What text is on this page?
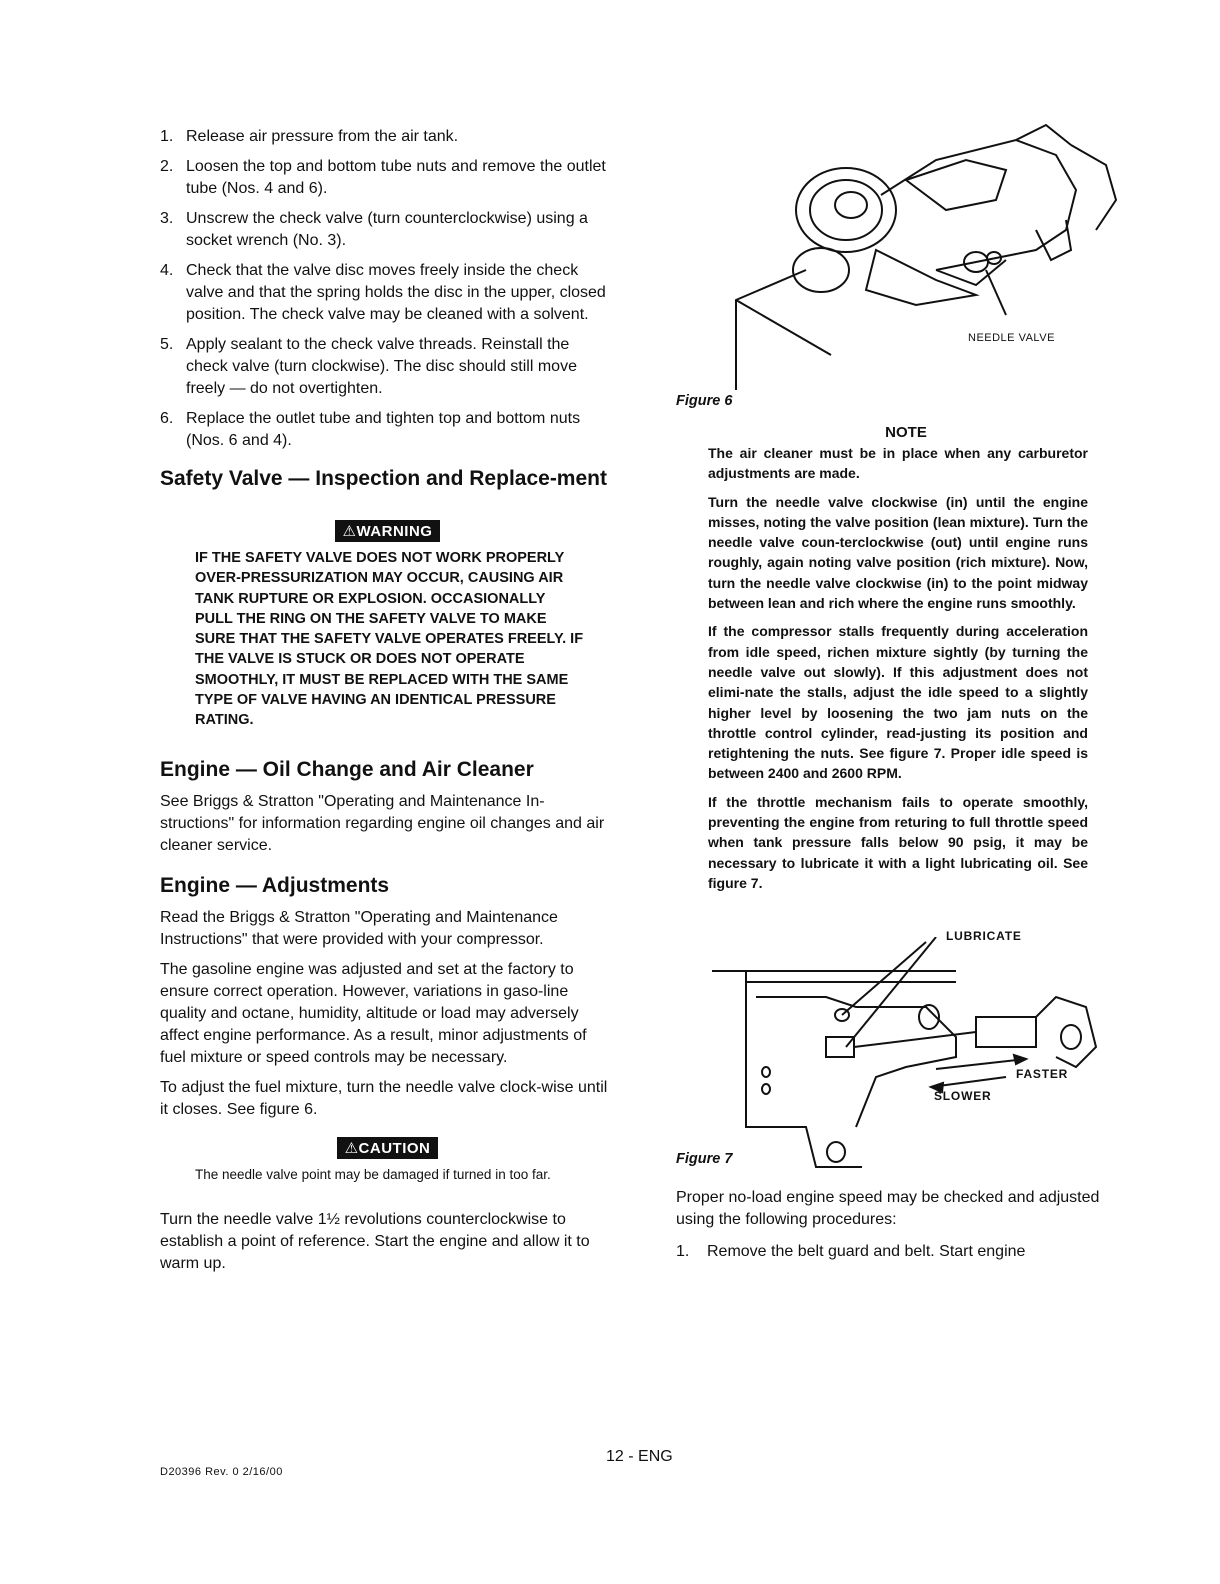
1. Release air pressure from the air tank.
2. Loosen the top and bottom tube nuts and remove the outlet tube (Nos. 4 and 6).
3. Unscrew the check valve (turn counterclockwise) using a socket wrench (No. 3).
4. Check that the valve disc moves freely inside the check valve and that the spring holds the disc in the upper, closed position. The check valve may be cleaned with a solvent.
5. Apply sealant to the check valve threads. Reinstall the check valve (turn clockwise). The disc should still move freely — do not overtighten.
6. Replace the outlet tube and tighten top and bottom nuts (Nos. 6 and 4).
Safety Valve — Inspection and Replace-ment
⚠WARNING
IF THE SAFETY VALVE DOES NOT WORK PROPERLY OVER-PRESSURIZATION MAY OCCUR, CAUSING AIR TANK RUPTURE OR EXPLOSION. OCCASIONALLY PULL THE RING ON THE SAFETY VALVE TO MAKE SURE THAT THE SAFETY VALVE OPERATES FREELY. IF THE VALVE IS STUCK OR DOES NOT OPERATE SMOOTHLY, IT MUST BE REPLACED WITH THE SAME TYPE OF VALVE HAVING AN IDENTICAL PRESSURE RATING.
Engine — Oil Change and Air Cleaner

See Briggs & Stratton "Operating and Maintenance In-structions" for information regarding engine oil changes and air cleaner service.

Engine — Adjustments

Read the Briggs & Stratton "Operating and Maintenance Instructions" that were provided with your compressor.

The gasoline engine was adjusted and set at the factory to ensure correct operation. However, variations in gaso-line quality and octane, humidity, altitude or load may adversely affect engine performance. As a result, minor adjustments of fuel mixture or speed controls may be necessary.

To adjust the fuel mixture, turn the needle valve clock-wise until it closes. See figure 6.

⚠CAUTION
The needle valve point may be damaged if turned in too far.

Turn the needle valve 1½ revolutions counterclockwise to establish a point of reference. Start the engine and allow it to warm up.

NEEDLE VALVE
Figure 6
NOTE

The air cleaner must be in place when any carburetor adjustments are made.

Turn the needle valve clockwise (in) until the engine misses, noting the valve position (lean mixture). Turn the needle valve coun-terclockwise (out) until engine runs roughly, again noting valve position (rich mixture). Now, turn the needle valve clockwise (in) to the point midway between lean and rich where the engine runs smoothly.

If the compressor stalls frequently during acceleration from idle speed, richen mixture sightly (by turning the needle valve out slowly). If this adjustment does not elimi-nate the stalls, adjust the idle speed to a slightly higher level by loosening the two jam nuts on the throttle control cylinder, read-justing its position and retightening the nuts. See figure 7. Proper idle speed is between 2400 and 2600 RPM.

If the throttle mechanism fails to operate smoothly, preventing the engine from returing to full throttle speed when tank pressure falls below 90 psig, it may be necessary to lubricate it with a light lubricating oil. See figure 7.

LUBRICATE
FASTER
SLOWER
Figure 7

Proper no-load engine speed may be checked and adjusted using the following procedures:

1. Remove the belt guard and belt. Start engine
12 - ENG
D20396 Rev. 0 2/16/00
